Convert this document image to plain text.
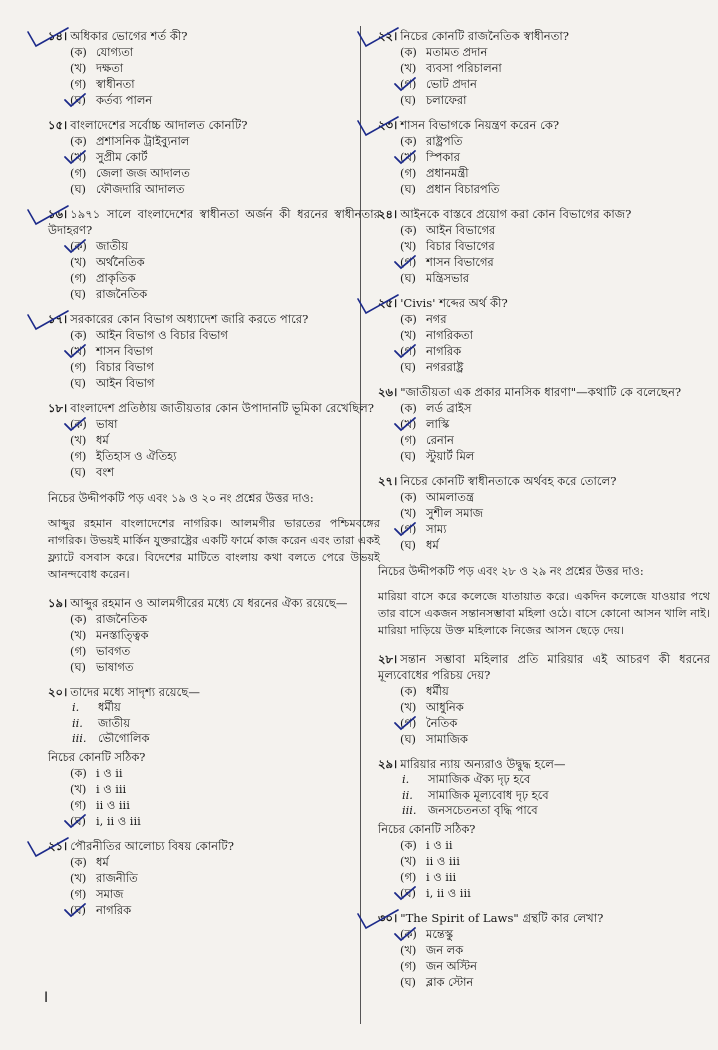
১৪। অধিকার ভোগের শর্ত কী?
(ক) যোগ্যতা
(খ) দক্ষতা
(গ) স্বাধীনতা
(ঘ) কর্তব্য পালন
১৫। বাংলাদেশের সর্বোচ্চ আদালত কোনটি?
(ক) প্রশাসনিক ট্রাইব্যুনাল
(খ) সুপ্রীম কোর্ট
(গ) জেলা জজ আদালত
(ঘ) ফৌজদারি আদালত
১৬। ১৯৭১ সালে বাংলাদেশের স্বাধীনতা অর্জন কী ধরনের স্বাধীনতার উদাহরণ?
(ক) জাতীয়
(খ) অর্থনৈতিক
(গ) প্রাকৃতিক
(ঘ) রাজনৈতিক
১৭। সরকারের কোন বিভাগ অধ্যাদেশ জারি করতে পারে?
(ক) আইন বিভাগ ও বিচার বিভাগ
(খ) শাসন বিভাগ
(গ) বিচার বিভাগ
(ঘ) আইন বিভাগ
১৮। বাংলাদেশ প্রতিষ্ঠায় জাতীয়তার কোন উপাদানটি ভূমিকা রেখেছিল?
(ক) ভাষা
(খ) ধর্ম
(গ) ইতিহাস ও ঐতিহ্য
(ঘ) বংশ
নিচের উদ্দীপকটি পড় এবং ১৯ ও ২০ নং প্রশ্নের উত্তর দাও:
আব্দুর রহমান বাংলাদেশের নাগরিক। আলমগীর ভারতের পশ্চিমবঙ্গের নাগরিক। উভয়ই মার্কিন যুক্তরাষ্ট্রের একটি ফার্মে কাজ করেন এবং তারা একই ফ্ল্যাটে বসবাস করে। বিদেশের মাটিতে বাংলায় কথা বলতে পেরে উভয়ই আনন্দবোধ করেন।
১৯। আব্দুর রহমান ও আলমগীরের মধ্যে যে ধরনের ঐক্য রয়েছে—
(ক) রাজনৈতিক
(খ) মনস্তাত্ত্বিক
(গ) ভাবগত
(ঘ) ভাষাগত
২০। তাদের মধ্যে সাদৃশ্য রয়েছে—
i. ধর্মীয়
ii. জাতীয়
iii. ভৌগোলিক
নিচের কোনটি সঠিক?
(ক) i ও ii
(খ) i ও iii
(গ) ii ও iii
(ঘ) i, ii ও iii
২১। পৌরনীতির আলোচ্য বিষয় কোনটি?
(ক) ধর্ম
(খ) রাজনীতি
(গ) সমাজ
(ঘ) নাগরিক
I
২২। নিচের কোনটি রাজনৈতিক স্বাধীনতা?
(ক) মতামত প্রদান
(খ) ব্যবসা পরিচালনা
(গ) ভোট প্রদান
(ঘ) চলাফেরা
২৩। শাসন বিভাগকে নিয়ন্ত্রণ করেন কে?
(ক) রাষ্ট্রপতি
(খ) স্পিকার
(গ) প্রধানমন্ত্রী
(ঘ) প্রধান বিচারপতি
২৪। আইনকে বাস্তবে প্রয়োগ করা কোন বিভাগের কাজ?
(ক) আইন বিভাগের
(খ) বিচার বিভাগের
(গ) শাসন বিভাগের
(ঘ) মন্ত্রিসভার
২৫। 'Civis' শব্দের অর্থ কী?
(ক) নগর
(খ) নাগরিকতা
(গ) নাগরিক
(ঘ) নগররাষ্ট্র
২৬। "জাতীয়তা এক প্রকার মানসিক ধারণা"—কথাটি কে বলেছেন?
(ক) লর্ড ব্রাইস
(খ) লাস্কি
(গ) রেনান
(ঘ) স্টুয়ার্ট মিল
২৭। নিচের কোনটি স্বাধীনতাকে অর্থবহ করে তোলে?
(ক) আমলাতন্ত্র
(খ) সুশীল সমাজ
(গ) সাম্য
(ঘ) ধর্ম
নিচের উদ্দীপকটি পড় এবং ২৮ ও ২৯ নং প্রশ্নের উত্তর দাও:
মারিয়া বাসে করে কলেজে যাতায়াত করে। একদিন কলেজে যাওয়ার পথে তার বাসে একজন সন্তানসম্ভাবা মহিলা ওঠে। বাসে কোনো আসন খালি নাই। মারিয়া দাড়িয়ে উক্ত মহিলাকে নিজের আসন ছেড়ে দেয়।
২৮। সন্তান সম্ভাবা মহিলার প্রতি মারিয়ার এই আচরণ কী ধরনের মূল্যবোধের পরিচয় দেয়?
(ক) ধর্মীয়
(খ) আধুনিক
(গ) নৈতিক
(ঘ) সামাজিক
২৯। মারিয়ার ন্যায় অন্যরাও উদ্বুদ্ধ হলে—
i. সামাজিক ঐক্য দৃঢ় হবে
ii. সামাজিক মূল্যবোধ দৃঢ় হবে
iii. জনসচেতনতা বৃদ্ধি পাবে
নিচের কোনটি সঠিক?
(ক) i ও ii
(খ) ii ও iii
(গ) i ও iii
(ঘ) i, ii ও iii
৩০। "The Spirit of Laws" গ্রন্থটি কার লেখা?
(ক) মন্তেস্কু
(খ) জন লক
(গ) জন অস্টিন
(ঘ) ব্লাক স্টোন
